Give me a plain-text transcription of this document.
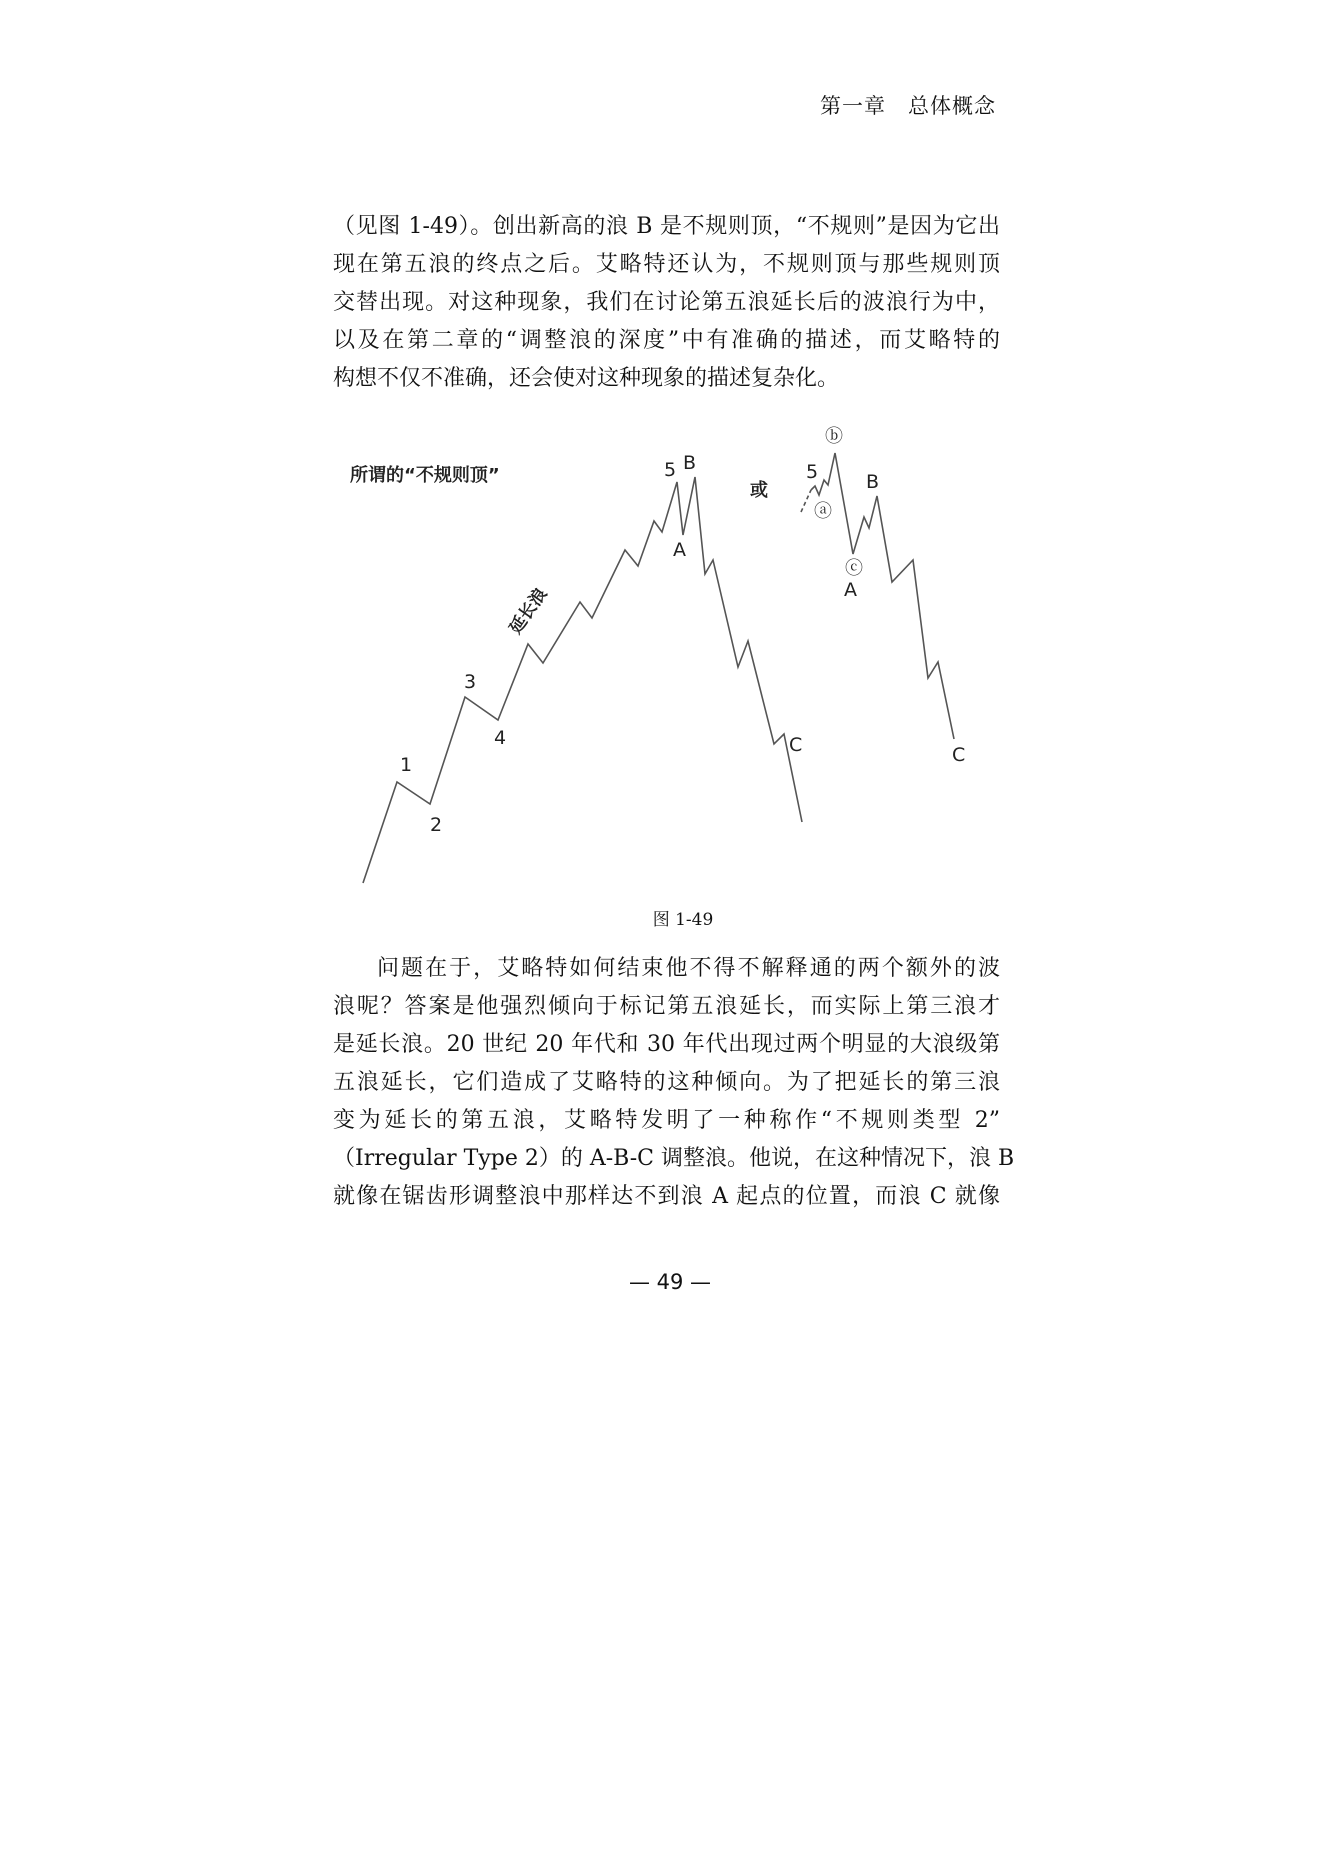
第一章　总体概念
（见图 1-49）。创出新高的浪 B 是不规则顶，“不规则”是因为它出
现在第五浪的终点之后。艾略特还认为，不规则顶与那些规则顶
交替出现。对这种现象，我们在讨论第五浪延长后的波浪行为中，
以及在第二章的“调整浪的深度”中有准确的描述，而艾略特的
构想不仅不准确，还会使对这种现象的描述复杂化。
所谓的“不规则顶”
1
2
3
4
延长浪
5 B
A
C
或
5
ⓑ
ⓐ
ⓒ
A
B
C
图 1-49
问题在于，艾略特如何结束他不得不解释通的两个额外的波
浪呢？答案是他强烈倾向于标记第五浪延长，而实际上第三浪才
是延长浪。20 世纪 20 年代和 30 年代出现过两个明显的大浪级第
五浪延长，它们造成了艾略特的这种倾向。为了把延长的第三浪
变为延长的第五浪，艾略特发明了一种称作“不规则类型 2”
（Irregular Type 2）的 A-B-C 调整浪。他说，在这种情况下，浪 B
就像在锯齿形调整浪中那样达不到浪 A 起点的位置，而浪 C 就像
— 49 —
